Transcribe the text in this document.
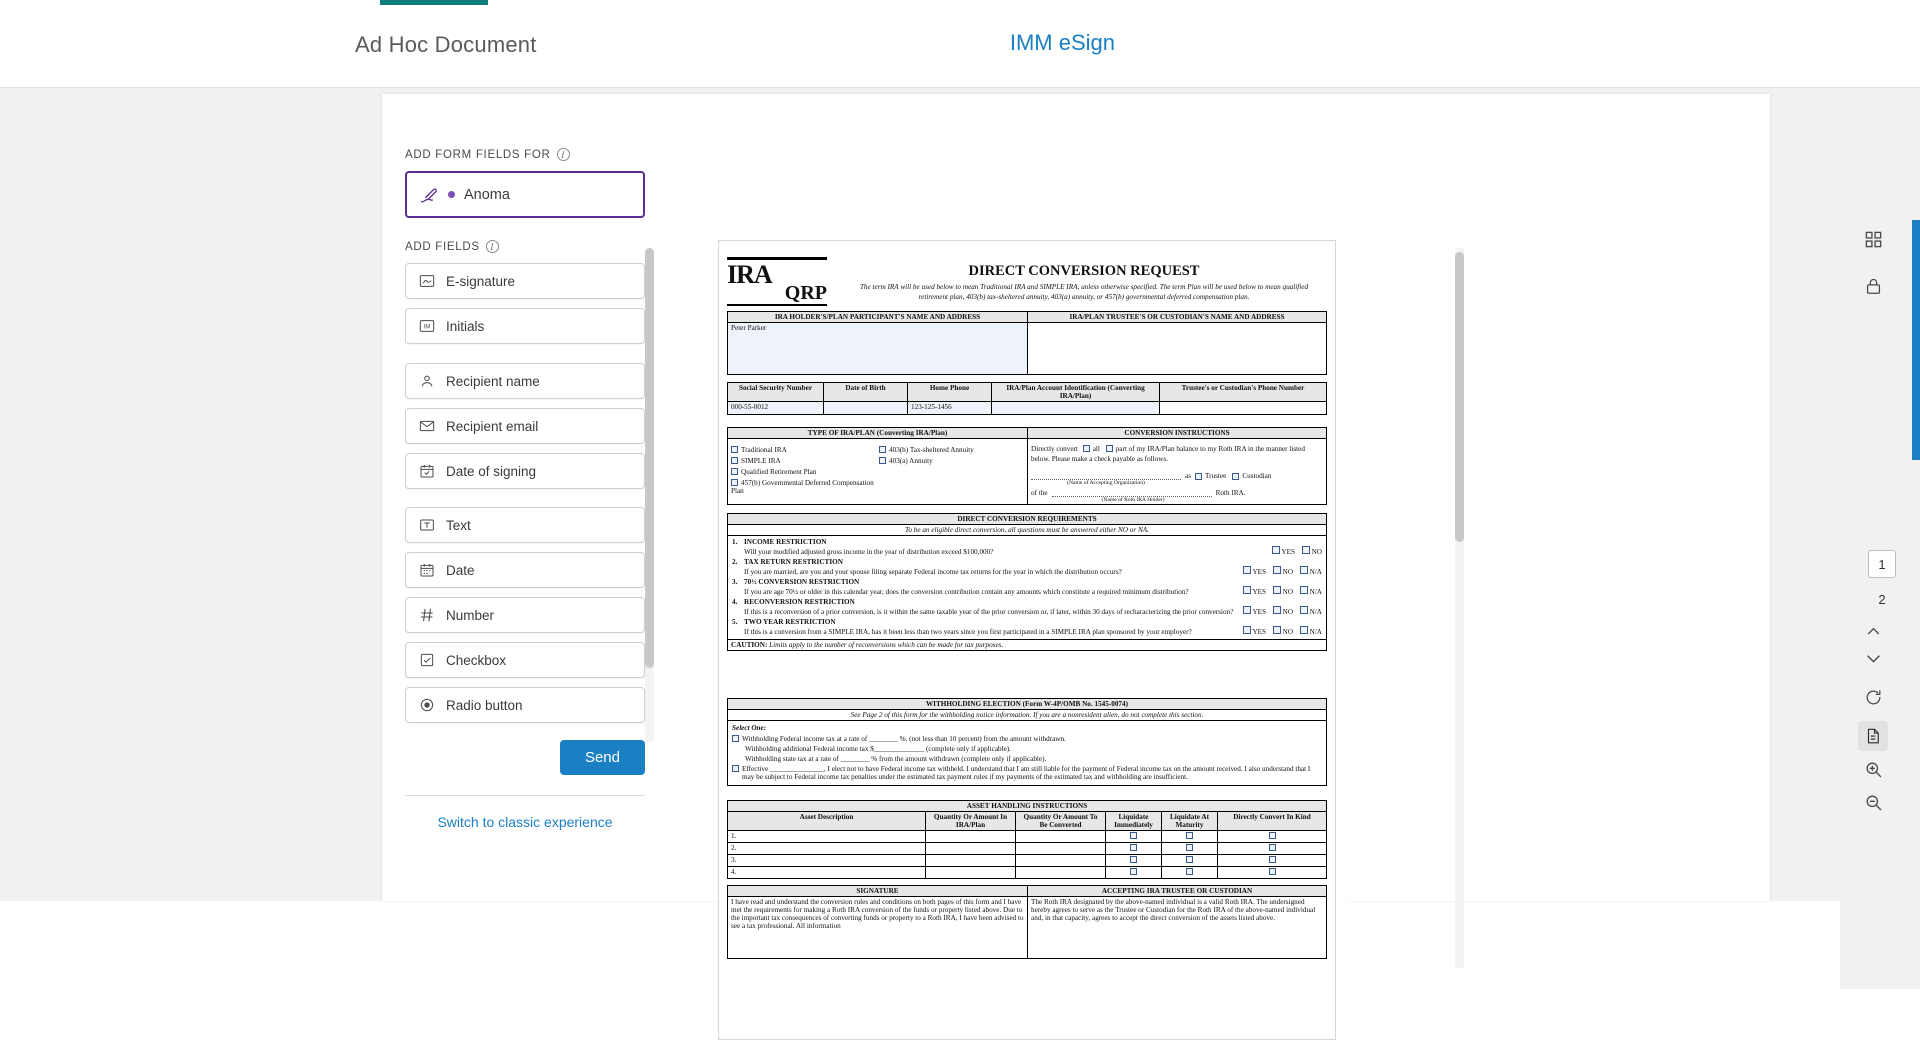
Ad Hoc Document	IMM eSign
ADD FORM FIELDS FOR	I
Anoma
ADD FIELDS	I
E-signature
IM Initials
Recipient name
Recipient email
Date of signing
Text
Date
Number
Checkbox
Radio button
Send
Switch to classic experience
IRA
QRP
DIRECT CONVERSION REQUEST
The term IRA will be used below to mean Traditional IRA and SIMPLE IRA, unless otherwise specified. The term Plan will be used below to mean qualified retirement plan, 403(b) tax-sheltered annuity, 403(a) annuity, or 457(b) governmental deferred compensation plan.
IRA HOLDER'S/PLAN PARTICIPANT'S NAME AND ADDRESS	IRA/PLAN TRUSTEE'S OR CUSTODIAN'S NAME AND ADDRESS
Peter Parker	
Social Security Number	Date of Birth	Home Phone	IRA/Plan Account Identification (Converting IRA/Plan)	Trustee's or Custodian's Phone Number
000-55-0012		123-125-1456		
TYPE OF IRA/PLAN (Converting IRA/Plan)	CONVERSION INSTRUCTIONS

Traditional IRA
SIMPLE IRA
Qualified Retirement Plan
457(b) Governmental Deferred Compensation Plan
403(b) Tax-sheltered Annuity
403(a) Annuity

Directly convert all part of my IRA/Plan balance to my Roth IRA in the manner listed below. Please make a check payable as follows.

as Trustee Custodian
(Name of Accepting Organization)
of the
	Roth IRA.
(Name of Roth IRA Holder)
DIRECT CONVERSION REQUIREMENTS
To be an eligible direct conversion, all questions must be answered either NO or NA.

1. INCOME RESTRICTION
Will your modified adjusted gross income in the year of distribution exceed $100,000?	YES NO
2. TAX RETURN RESTRICTION
If you are married, are you and your spouse filing separate Federal income tax returns for the year in which the distribution occurs?	YES NO N/A
3. 70½ CONVERSION RESTRICTION
If you are age 70½ or older in this calendar year, does the conversion contribution contain any amounts which constitute a required minimum distribution?	YES NO N/A
4. RECONVERSION RESTRICTION
If this is a reconversion of a prior conversion, is it within the same taxable year of the prior conversion or, if later, within 30 days of recharacterizing the prior conversion?	YES NO N/A
5. TWO YEAR RESTRICTION
If this is a conversion from a SIMPLE IRA, has it been less than two years since you first participated in a SIMPLE IRA plan sponsored by your employer?	YES NO N/A

CAUTION: Limits apply to the number of reconversions which can be made for tax purposes.
WITHHOLDING ELECTION (Form W-4P/OMB No. 1545-0074)
See Page 2 of this form for the withholding notice information. If you are a nonresident alien, do not complete this section.

Select One:
Withholding Federal income tax at a rate of ________ %. (not less than 10 percent) from the amount withdrawn.
Withholding additional Federal income tax $______________ (complete only if applicable).
Withholding state tax at a rate of ________ % from the amount withdrawn (complete only if applicable).
Effective _______________, I elect not to have Federal income tax withheld. I understand that I am still liable for the payment of Federal income tax on the amount received. I also understand that I may be subject to Federal income tax penalties under the estimated tax payment rules if my payments of the estimated tax and withholding are insufficient.
ASSET HANDLING INSTRUCTIONS					
Asset Description	Quantity Or Amount In IRA/Plan	Quantity Or Amount To Be Converted	Liquidate Immediately	Liquidate At Maturity	Directly Convert In Kind
1.					
2.					
3.					
4.					
SIGNATURE	ACCEPTING IRA TRUSTEE OR CUSTODIAN
I have read and understand the conversion rules and conditions on both pages of this form and I have met the requirements for making a Roth IRA conversion of the funds or property listed above. Due to the important tax consequences of converting funds or property to a Roth IRA, I have been advised to see a tax professional. All information	The Roth IRA designated by the above-named individual is a valid Roth IRA. The undersigned hereby agrees to serve as the Trustee or Custodian for the Roth IRA of the above-named individual and, in that capacity, agrees to accept the direct conversion of the assets listed above.
1
2
